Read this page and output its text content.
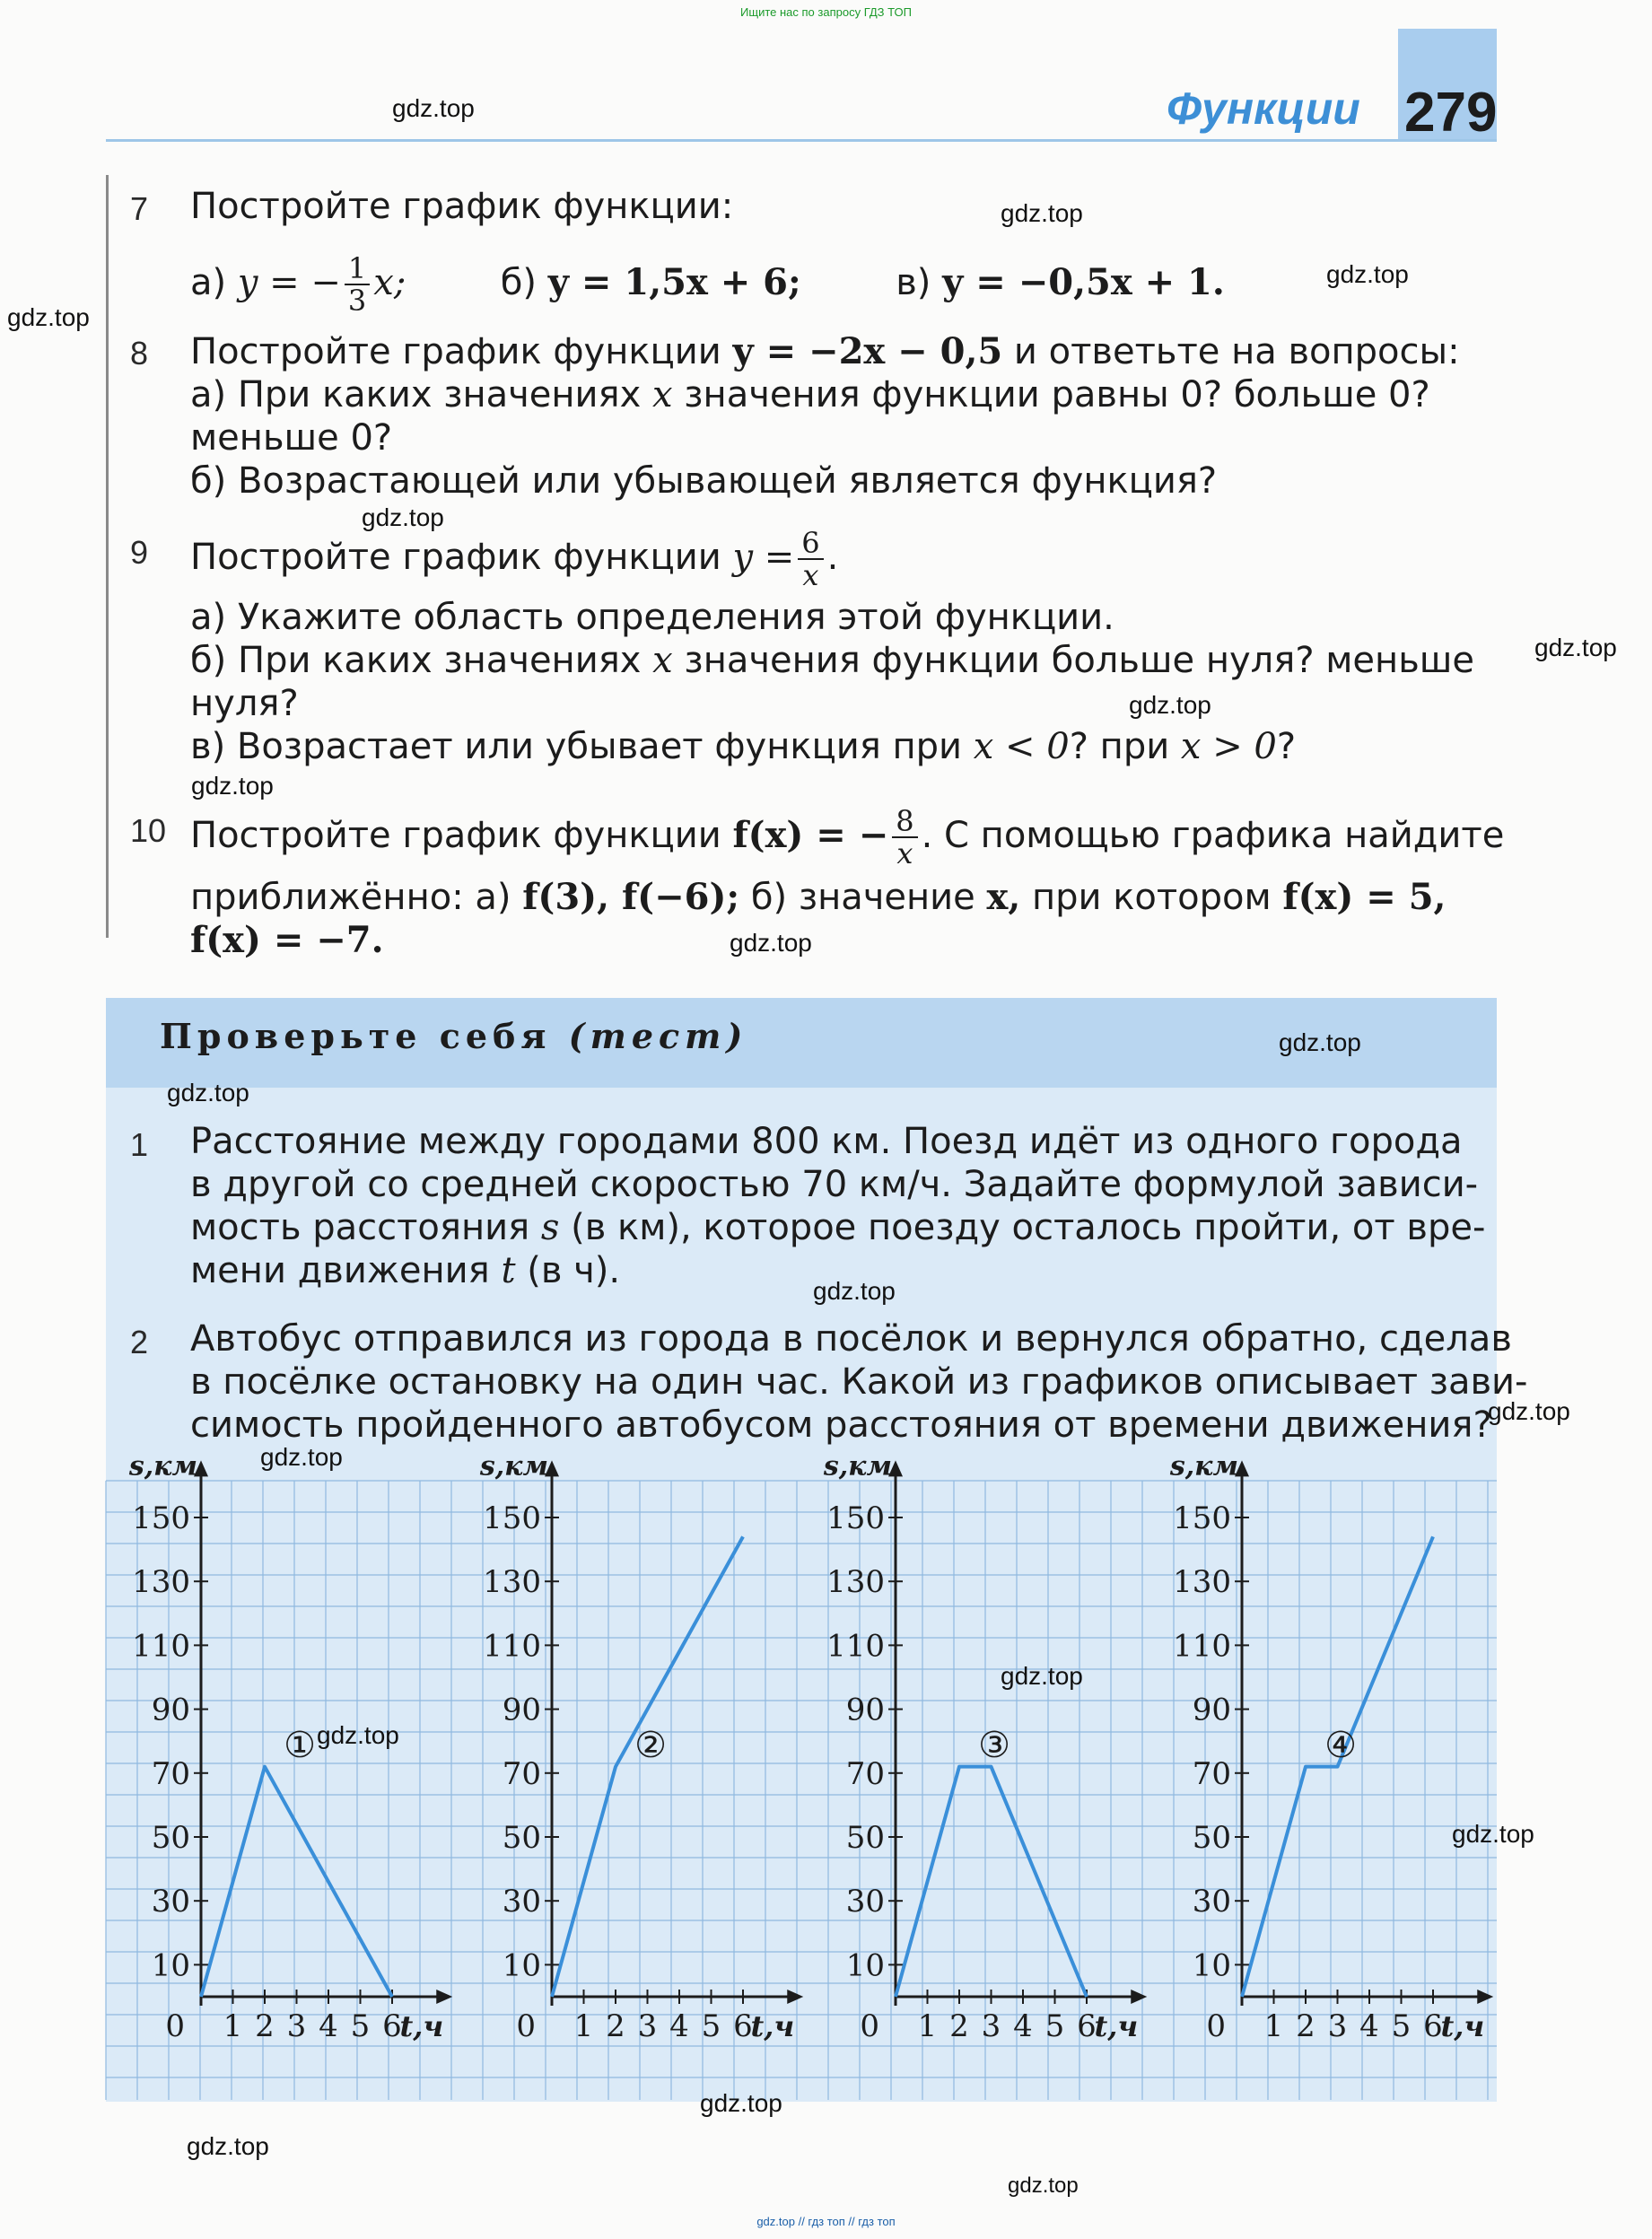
Ищите нас по запросу ГДЗ ТОП
Функции 279
7 Постройте график функции:
а) y = − $\frac{1}{3} x$;	б) y = 1,5x + 6;	в) y = −0,5x + 1.
8 Постройте график функции y = −2x − 0,5 и ответьте на вопросы:
а) При каких значениях x значения функции равны 0? больше 0?
меньше 0?
б) Возрастающей или убывающей является функция?
9 Постройте график функции $y = \frac{6}{x}$ .
а) Укажите область определения этой функции.
б) При каких значениях x значения функции больше нуля? меньше
нуля?
в) Возрастает или убывает функция при x < 0? при x > 0?
10 Постройте график функции f(x) = − $\frac{8}{x}$ . С помощью графика найдите
приближённо: а) f(3), f(−6); б) значение x, при котором f(x) = 5,
f(x) = −7.
Проверьте себя (тест)
1 Расстояние между городами 800 км. Поезд идёт из одного города
в другой со средней скоростью 70 км/ч. Задайте формулой зависи-
мость расстояния s (в км), которое поезду осталось пройти, от вре-
мени движения t (в ч).
2 Автобус отправился из города в посёлок и вернулся обратно, сделав
в посёлке остановку на один час. Какой из графиков описывает зави-
симость пройденного автобусом расстояния от времени движения?
10
30
50
70
90
110
130
150
1 2 3 4 5 6
0
s,км
t,ч
①
10
30
50
70
90
110
130
150
1 2 3 4 5 6
0
s,км
t,ч
②
10
30
50
70
90
110
130
150
1 2 3 4 5 6
0
s,км
t,ч
③
10
30
50
70
90
110
130
150
1 2 3 4 5 6
0
s,км
t,ч
④
gdz.top
gdz.top
gdz.top
gdz.top
gdz.top
gdz.top
gdz.top
gdz.top
gdz.top
gdz.top
gdz.top
gdz.top
gdz.top
gdz.top
gdz.top
gdz.top
gdz.top
gdz.top
gdz.top
gdz.top
gdz.top // гдз топ // гдз топ
